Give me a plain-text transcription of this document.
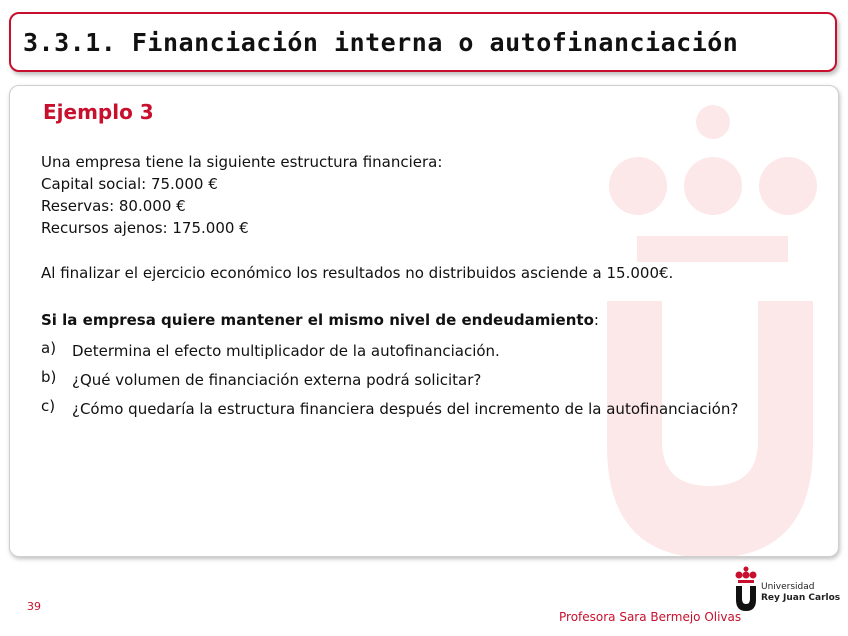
3.3.1. Financiación interna o autofinanciación
Ejemplo 3
Una empresa tiene la siguiente estructura financiera:
Capital social: 75.000 €
Reservas: 80.000 €
Recursos ajenos: 175.000 €
Al finalizar el ejercicio económico los resultados no distribuidos asciende a 15.000€.
Si la empresa quiere mantener el mismo nivel de endeudamiento:
a) Determina el efecto multiplicador de la autofinanciación.
b) ¿Qué volumen de financiación externa podrá solicitar?
c) ¿Cómo quedaría la estructura financiera después del incremento de la autofinanciación?
39
Profesora Sara Bermejo Olivas
Universidad
Rey Juan Carlos
